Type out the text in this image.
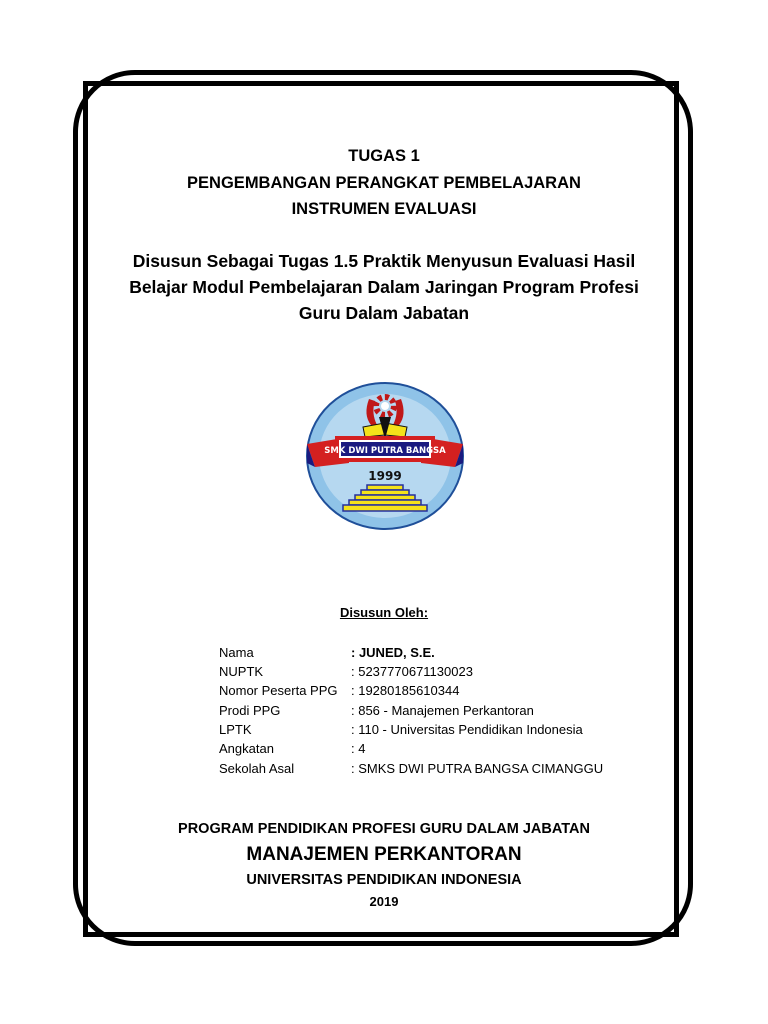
TUGAS 1
PENGEMBANGAN PERANGKAT PEMBELAJARAN
INSTRUMEN EVALUASI
Disusun Sebagai Tugas 1.5 Praktik Menyusun Evaluasi Hasil
Belajar Modul Pembelajaran Dalam Jaringan Program Profesi
Guru Dalam Jabatan
SMK DWI PUTRA BANGSA
1999
Disusun Oleh:
Nama	: JUNED, S.E.
NUPTK	: 5237770671130023
Nomor Peserta PPG : 19280185610344
Prodi PPG	: 856 - Manajemen Perkantoran
LPTK	: 110 - Universitas Pendidikan Indonesia
Angkatan	: 4
Sekolah Asal	: SMKS DWI PUTRA BANGSA CIMANGGU
PROGRAM PENDIDIKAN PROFESI GURU DALAM JABATAN
MANAJEMEN PERKANTORAN
UNIVERSITAS PENDIDIKAN INDONESIA
2019
